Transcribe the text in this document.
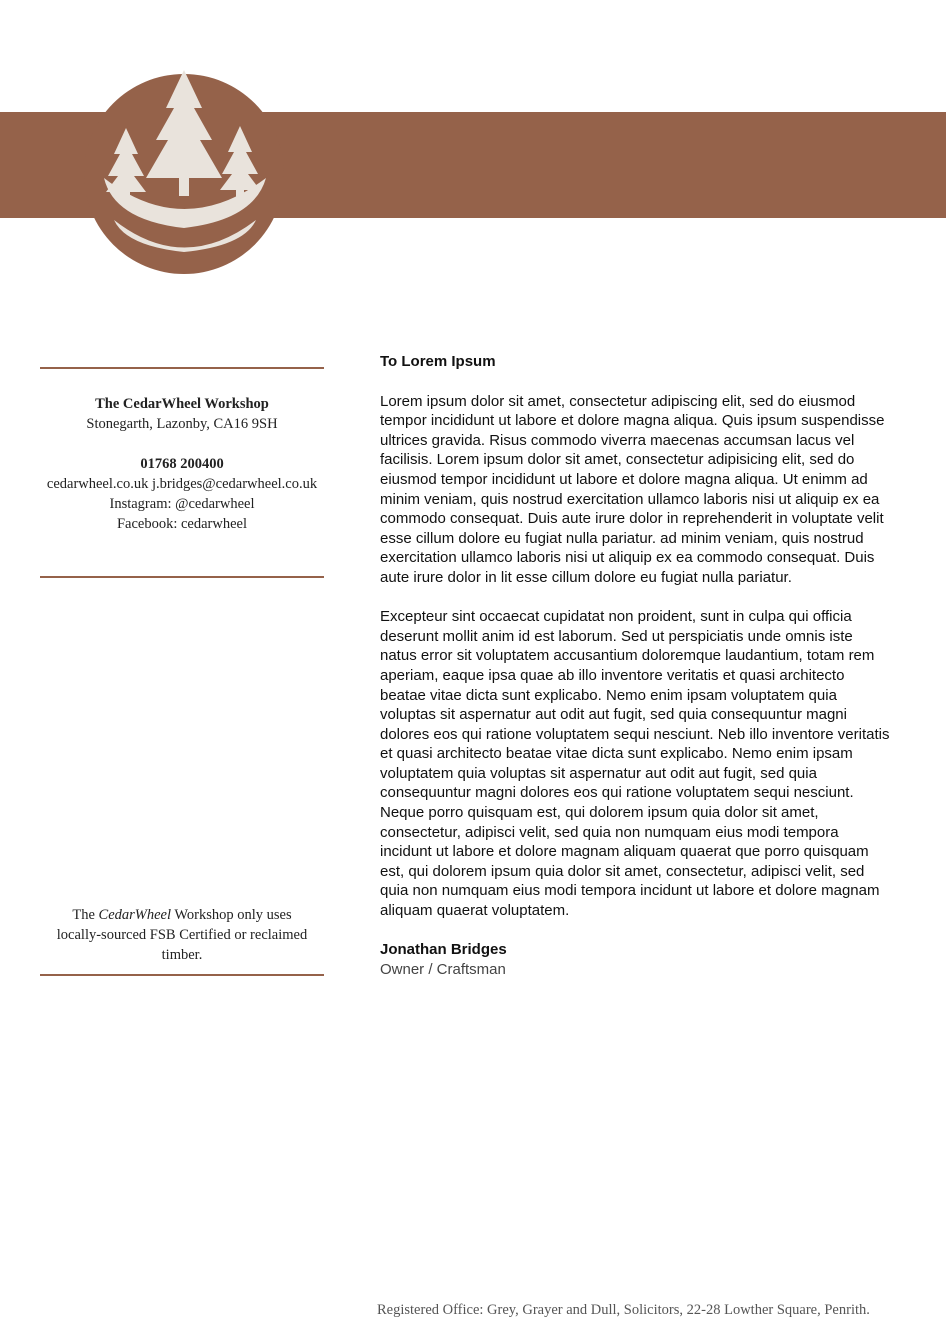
The CedarWheel Workshop
Stonegarth, Lazonby, CA16 9SH
01768 200400
cedarwheel.co.uk j.bridges@cedarwheel.co.uk
Instagram: @cedarwheel
Facebook: cedarwheel
The CedarWheel Workshop only uses locally-sourced FSB Certified or reclaimed timber.
To Lorem Ipsum

Lorem ipsum dolor sit amet, consectetur adipiscing elit, sed do eiusmod tempor incididunt ut labore et dolore magna aliqua. Quis ipsum suspendisse ultrices gravida. Risus commodo viverra maecenas accumsan lacus vel facilisis. Lorem ipsum dolor sit amet, consectetur adipisicing elit, sed do eiusmod tempor incididunt ut labore et dolore magna aliqua. Ut enimm ad minim veniam, quis nostrud exercitation ullamco laboris nisi ut aliquip ex ea commodo consequat. Duis aute irure dolor in reprehenderit in voluptate velit esse cillum dolore eu fugiat nulla pariatur. ad minim veniam, quis nostrud exercitation ullamco laboris nisi ut aliquip ex ea commodo consequat. Duis aute irure dolor in lit esse cillum dolore eu fugiat nulla pariatur.

Excepteur sint occaecat cupidatat non proident, sunt in culpa qui officia deserunt mollit anim id est laborum. Sed ut perspiciatis unde omnis iste natus error sit voluptatem accusantium doloremque laudantium, totam rem aperiam, eaque ipsa quae ab illo inventore veritatis et quasi architecto beatae vitae dicta sunt explicabo. Nemo enim ipsam voluptatem quia voluptas sit aspernatur aut odit aut fugit, sed quia consequuntur magni dolores eos qui ratione voluptatem sequi nesciunt. Neb illo inventore veritatis et quasi architecto beatae vitae dicta sunt explicabo. Nemo enim ipsam voluptatem quia voluptas sit aspernatur aut odit aut fugit, sed quia consequuntur magni dolores eos qui ratione voluptatem sequi nesciunt. Neque porro quisquam est, qui dolorem ipsum quia dolor sit amet, consectetur, adipisci velit, sed quia non numquam eius modi tempora incidunt ut labore et dolore magnam aliquam quaerat que porro quisquam est, qui dolorem ipsum quia dolor sit amet, consectetur, adipisci velit, sed quia non numquam eius modi tempora incidunt ut labore et dolore magnam aliquam quaerat voluptatem.

Jonathan Bridges
Owner / Craftsman
Registered Office: Grey, Grayer and Dull, Solicitors, 22-28 Lowther Square, Penrith.
